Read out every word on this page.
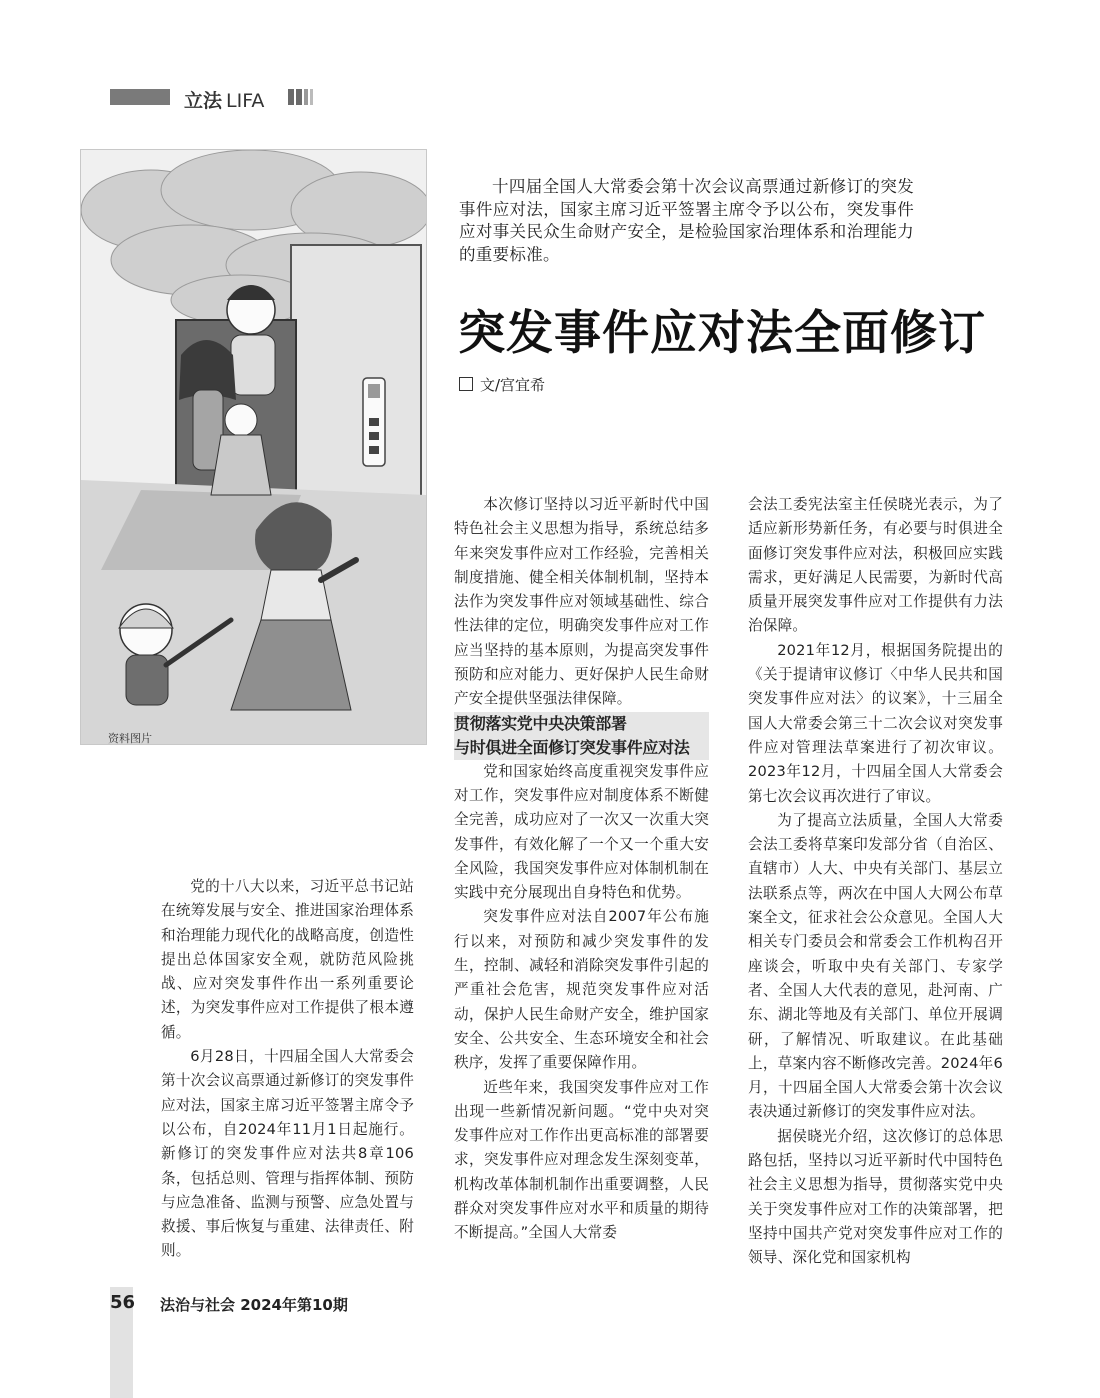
立法 LIFA
资料图片
十四届全国人大常委会第十次会议高票通过新修订的突发事件应对法，国家主席习近平签署主席令予以公布，突发事件应对事关民众生命财产安全，是检验国家治理体系和治理能力的重要标准。
突发事件应对法全面修订
文/宫宜希

党的十八大以来，习近平总书记站在统筹发展与安全、推进国家治理体系和治理能力现代化的战略高度，创造性提出总体国家安全观，就防范风险挑战、应对突发事件作出一系列重要论述，为突发事件应对工作提供了根本遵循。

6月28日，十四届全国人大常委会第十次会议高票通过新修订的突发事件应对法，国家主席习近平签署主席令予以公布，自2024年11月1日起施行。新修订的突发事件应对法共8章106条，包括总则、管理与指挥体制、预防与应急准备、监测与预警、应急处置与救援、事后恢复与重建、法律责任、附则。

本次修订坚持以习近平新时代中国特色社会主义思想为指导，系统总结多年来突发事件应对工作经验，完善相关制度措施、健全相关体制机制，坚持本法作为突发事件应对领域基础性、综合性法律的定位，明确突发事件应对工作应当坚持的基本原则，为提高突发事件预防和应对能力、更好保护人民生命财产安全提供坚强法律保障。

贯彻落实党中央决策部署

与时俱进全面修订突发事件应对法

党和国家始终高度重视突发事件应对工作，突发事件应对制度体系不断健全完善，成功应对了一次又一次重大突发事件，有效化解了一个又一个重大安全风险，我国突发事件应对体制机制在实践中充分展现出自身特色和优势。

突发事件应对法自2007年公布施行以来，对预防和减少突发事件的发生，控制、减轻和消除突发事件引起的严重社会危害，规范突发事件应对活动，保护人民生命财产安全，维护国家安全、公共安全、生态环境安全和社会秩序，发挥了重要保障作用。

近些年来，我国突发事件应对工作出现一些新情况新问题。“党中央对突发事件应对工作作出更高标准的部署要求，突发事件应对理念发生深刻变革，机构改革体制机制作出重要调整，人民群众对突发事件应对水平和质量的期待不断提高。”全国人大常委

会法工委宪法室主任侯晓光表示，为了适应新形势新任务，有必要与时俱进全面修订突发事件应对法，积极回应实践需求，更好满足人民需要，为新时代高质量开展突发事件应对工作提供有力法治保障。

2021年12月，根据国务院提出的《关于提请审议修订〈中华人民共和国突发事件应对法〉的议案》，十三届全国人大常委会第三十二次会议对突发事件应对管理法草案进行了初次审议。2023年12月，十四届全国人大常委会第七次会议再次进行了审议。

为了提高立法质量，全国人大常委会法工委将草案印发部分省（自治区、直辖市）人大、中央有关部门、基层立法联系点等，两次在中国人大网公布草案全文，征求社会公众意见。全国人大相关专门委员会和常委会工作机构召开座谈会，听取中央有关部门、专家学者、全国人大代表的意见，赴河南、广东、湖北等地及有关部门、单位开展调研，了解情况、听取建议。在此基础上，草案内容不断修改完善。2024年6月，十四届全国人大常委会第十次会议表决通过新修订的突发事件应对法。

据侯晓光介绍，这次修订的总体思路包括，坚持以习近平新时代中国特色社会主义思想为指导，贯彻落实党中央关于突发事件应对工作的决策部署，把坚持中国共产党对突发事件应对工作的领导、深化党和国家机构

56 法治与社会 2024年第10期
